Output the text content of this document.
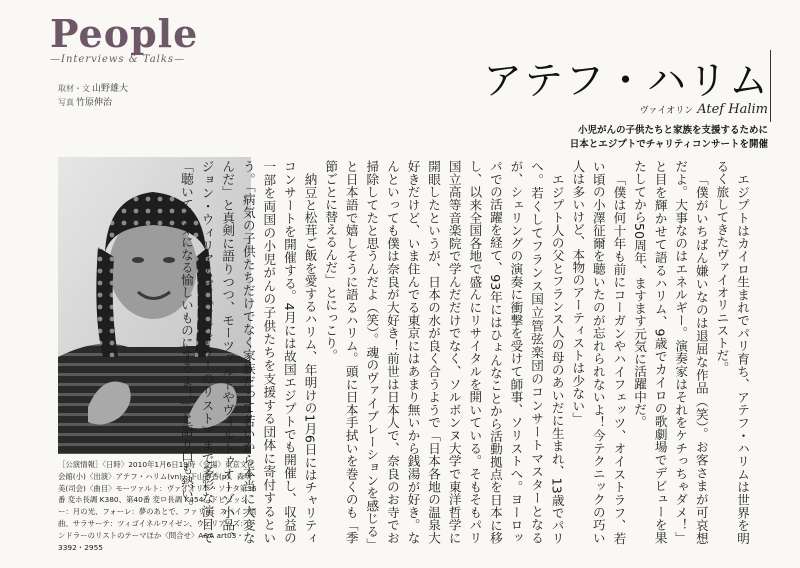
People
—Interviews & Talks—
取材・文 山野雄大
写真 竹原伸治	アテフ・ハリム
ヴァイオリン Atef Halim
小児がんの子供たちと家族を支援するために
日本とエジプトでチャリティコンサートを開催
［公演情報］〈日時〉2010年1月6日19時〈会場〉東京文化会館(小)〈出演〉アテフ・ハリム(vn)、下山静香(p)、森明美(司会)〈曲目〉モーツァルト：ヴァイオリン・ソナタ第36番 変ホ長調 K380、第40番 変ロ長調 K454、ドビュッシー：月の光、フォーレ：夢のあとで、ファリャ：スペイン組曲、サラサーテ：ツィゴイネルワイゼン、ウィリアムズ：シンドラーのリストのテーマほか〈問合せ〉A&A art03・3392・2955

エジプトはカイロ生まれでパリ育ち、アテフ・ハリムは世界を明るく旅してきたヴァイオリニストだ。

「僕がいちばん嫌いなのは退屈な作品（笑）。お客さまが可哀想だよ。大事なのはエネルギー。演奏家はそれをケチっちゃダメ！」と目を輝かせて語るハリム、9歳でカイロの歌劇場でデビューを果たしてから50周年、ますます元気に活躍中だ。

「僕は何十年も前にコーガンやハイフェッツ、オイストラフ、若い頃の小澤征爾を聴いたのが忘れられないよ！今テクニックの巧い人は多いけど、本物のアーティストは少ない」

エジプト人の父とフランス人の母のあいだに生まれ、13歳でパリへ。若くしてフランス国立管弦楽団のコンサートマスターとなるが、シェリングの演奏に衝撃を受けて師事、ソリストへ。ヨーロッパでの活躍を経て、93年にはひょんなことから活動拠点を日本に移し、以来全国各地で盛んにリサイタルを開いている。そもそもパリ国立高等音楽院で学んだだけでなく、ソルボンヌ大学で東洋哲学に開眼したというが、日本の水が良く合うようで「日本各地の温泉大好きだけど、いま住んでる東京にはあまり無いから銭湯が好き。なんといっても僕は奈良が大好き！前世は日本人で、奈良のお寺でお掃除してたと思うんだよ（笑）。魂のヴァイブレーションを感じる」と日本語で嬉しそうに語るハリム。頭に日本手拭いを巻くのも「季節ごとに替えるんだ」とにっこり。

納豆と松茸ご飯を愛するハリム、年明けの1月6日にはチャリティコンサートを開催する。4月には故国エジプトでも開催し、収益の一部を両国の小児がんの子供たちを支援する団体に寄付するという。「病気の子供たちだけでなく家族だって若いから本当に大変なんだ」と真剣に語りつつ、モーツァルトやヴィルトゥオーゾ小品、ジョン・ウィリアムズ《シンドラーのリスト》まで多彩な演目で「聴いて元気になる愉しいものにするよ！」と語り口も熱い。
